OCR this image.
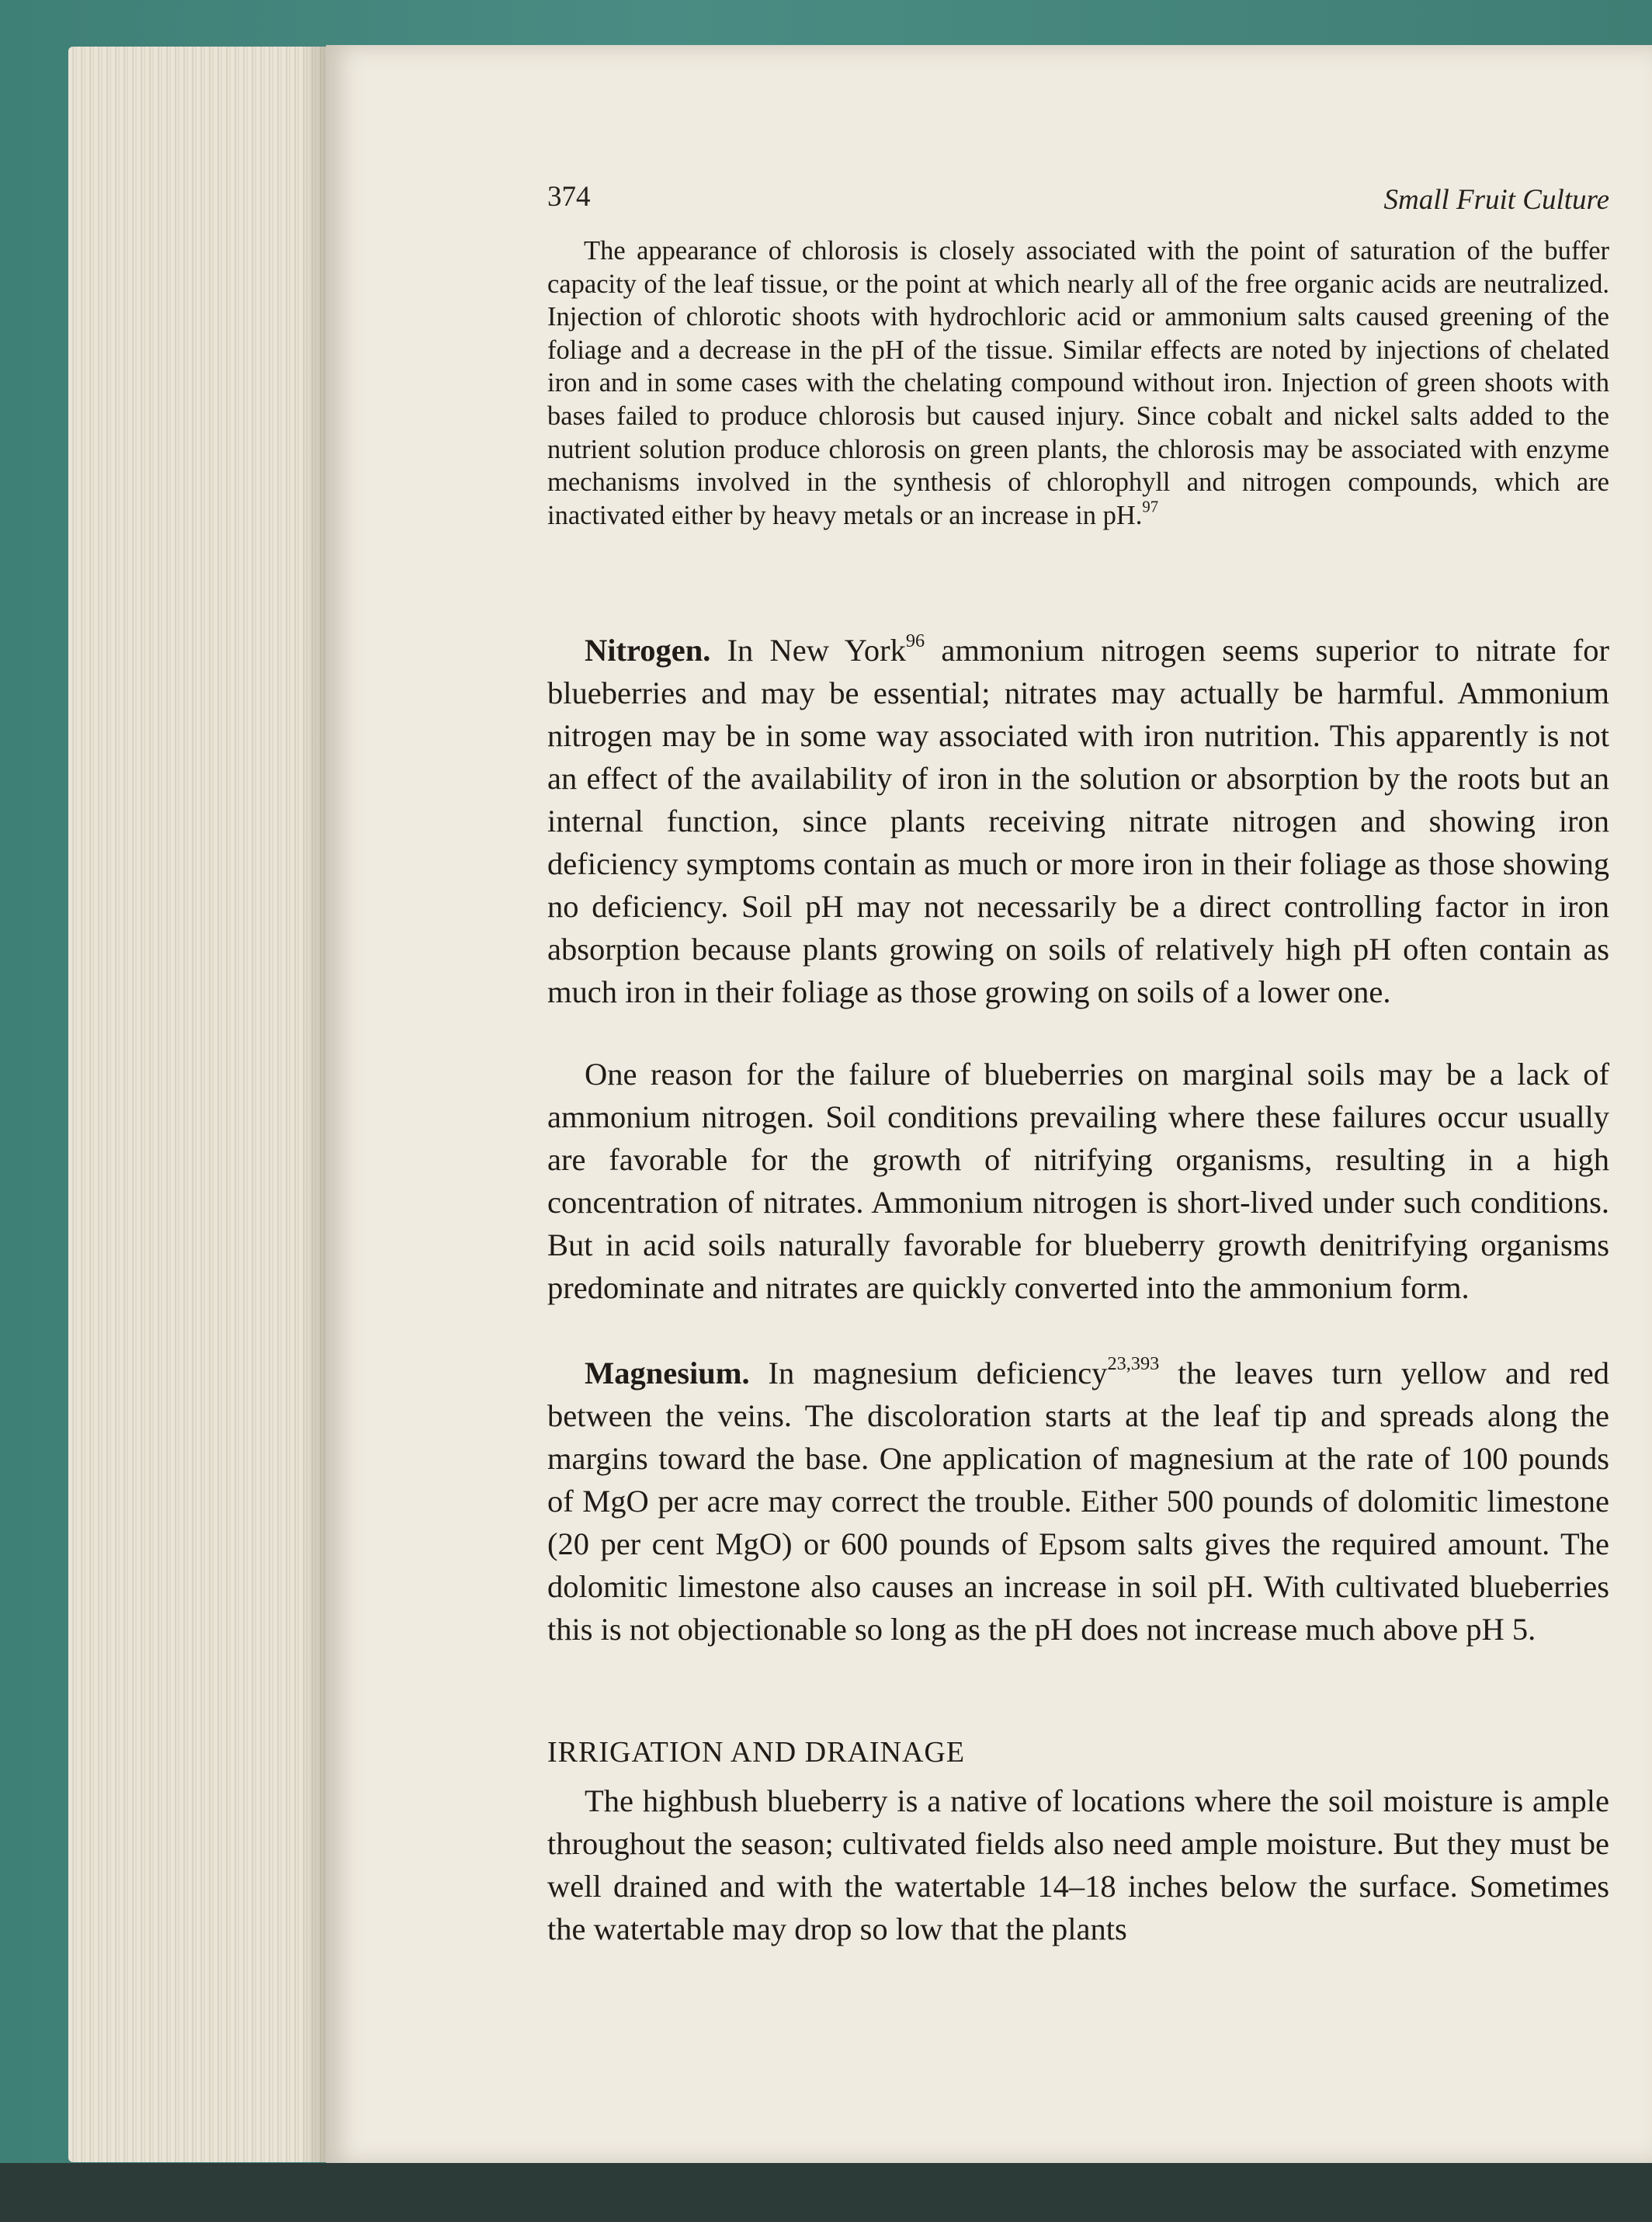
374	Small Fruit Culture

The appearance of chlorosis is closely associated with the point of saturation of the buffer capacity of the leaf tissue, or the point at which nearly all of the free organic acids are neutralized. Injection of chlorotic shoots with hydrochloric acid or ammonium salts caused greening of the foliage and a decrease in the pH of the tissue. Similar effects are noted by injections of chelated iron and in some cases with the chelating compound without iron. Injection of green shoots with bases failed to produce chlorosis but caused injury. Since cobalt and nickel salts added to the nutrient solution produce chlorosis on green plants, the chlorosis may be associated with enzyme mechanisms involved in the synthesis of chlorophyll and nitrogen compounds, which are inactivated either by heavy metals or an increase in pH.$^{97}$

Nitrogen. In New York$^{96}$ ammonium nitrogen seems superior to nitrate for blueberries and may be essential; nitrates may actually be harmful. Ammonium nitrogen may be in some way associated with iron nutrition. This apparently is not an effect of the availability of iron in the solution or absorption by the roots but an internal function, since plants receiving nitrate nitrogen and showing iron deficiency symptoms contain as much or more iron in their foliage as those showing no deficiency. Soil pH may not necessarily be a direct controlling factor in iron absorption because plants growing on soils of relatively high pH often contain as much iron in their foliage as those growing on soils of a lower one.

One reason for the failure of blueberries on marginal soils may be a lack of ammonium nitrogen. Soil conditions prevailing where these failures occur usually are favorable for the growth of nitrifying organisms, resulting in a high concentration of nitrates. Ammonium nitrogen is short-lived under such conditions. But in acid soils naturally favorable for blueberry growth denitrifying organisms predominate and nitrates are quickly converted into the ammonium form.

Magnesium. In magnesium deficiency$^{23,393}$ the leaves turn yellow and red between the veins. The discoloration starts at the leaf tip and spreads along the margins toward the base. One application of magnesium at the rate of 100 pounds of MgO per acre may correct the trouble. Either 500 pounds of dolomitic limestone (20 per cent MgO) or 600 pounds of Epsom salts gives the required amount. The dolomitic limestone also causes an increase in soil pH. With cultivated blueberries this is not objectionable so long as the pH does not increase much above pH 5.

IRRIGATION AND DRAINAGE

The highbush blueberry is a native of locations where the soil moisture is ample throughout the season; cultivated fields also need ample moisture. But they must be well drained and with the watertable 14–18 inches below the surface. Sometimes the watertable may drop so low that the plants
